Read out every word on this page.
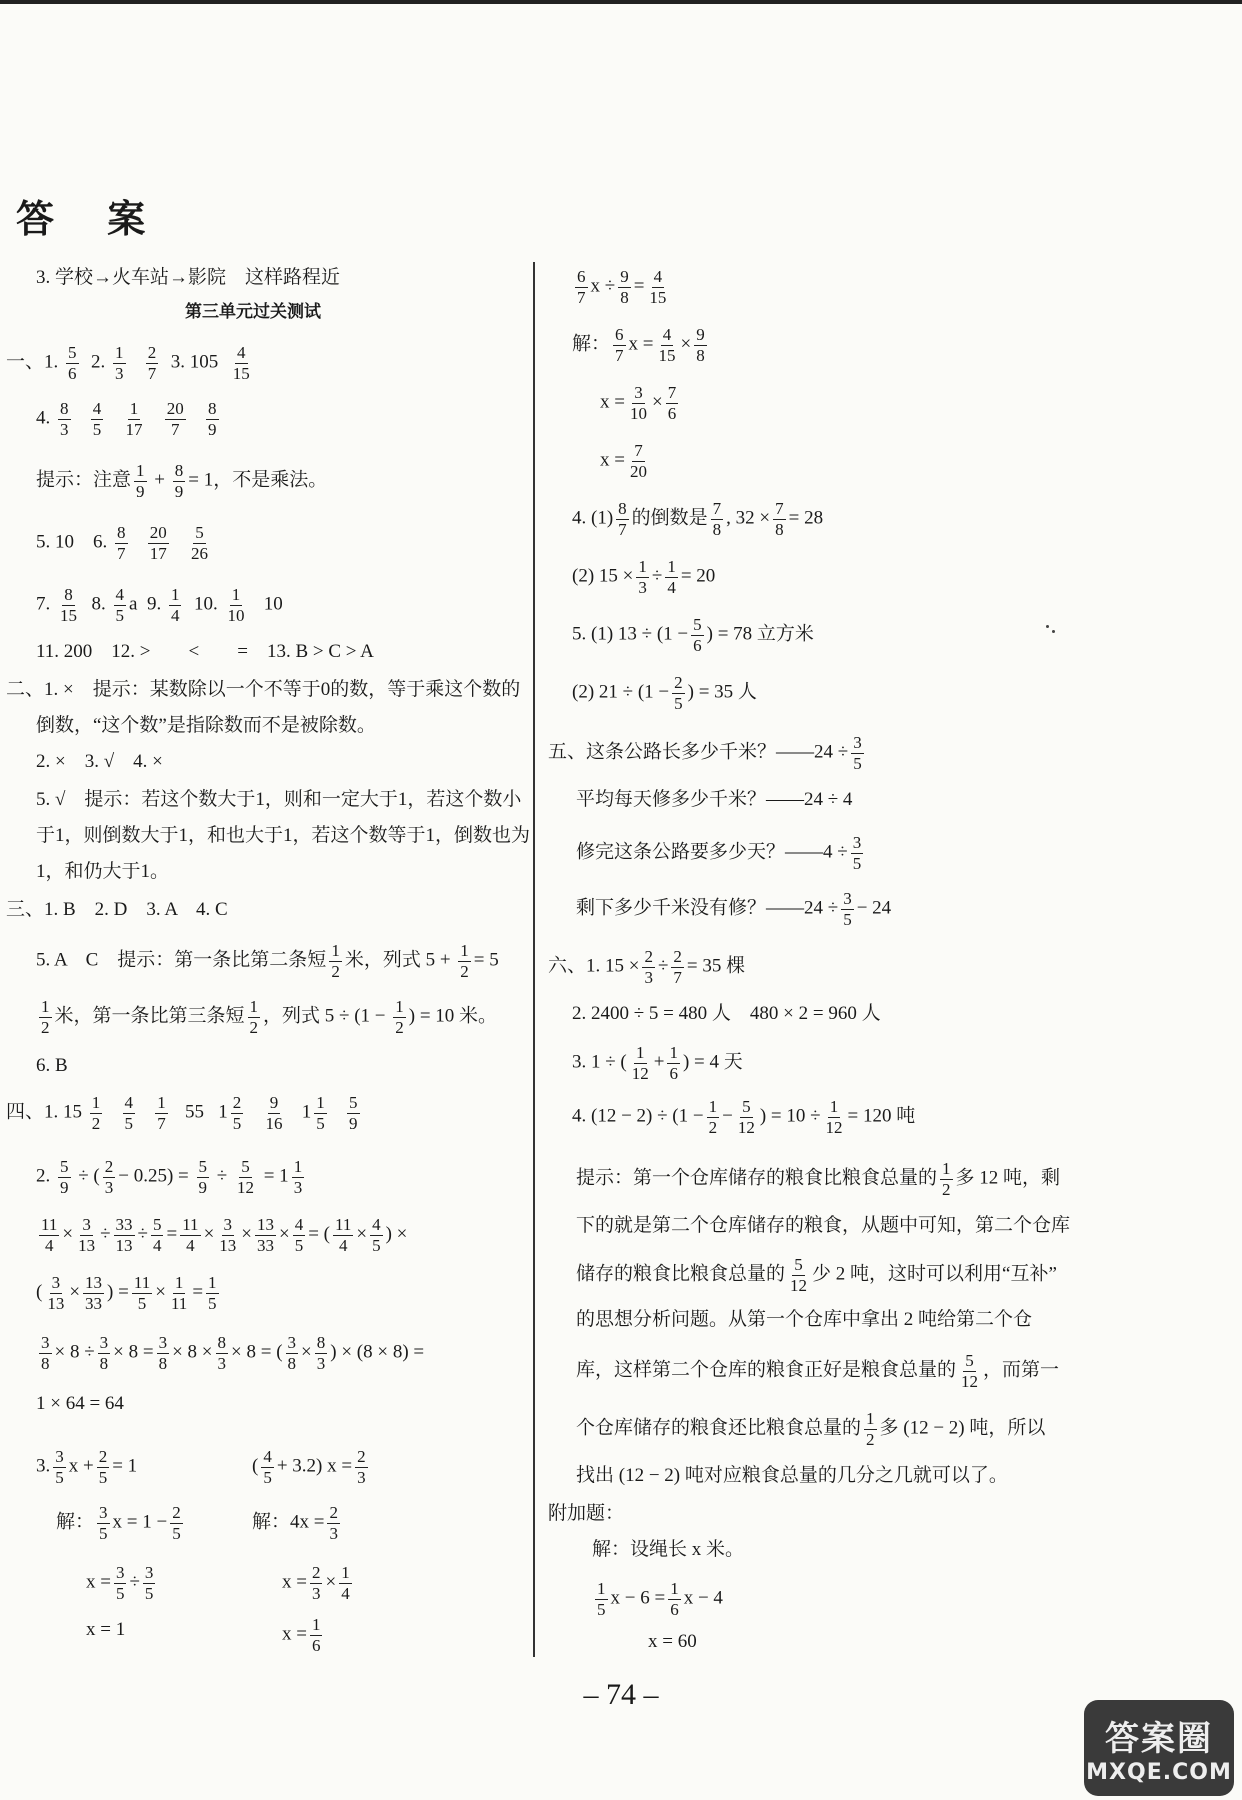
答 案
3. 学校→火车站→影院　这样路程近
第三单元过关测试
一、1. $\frac{5}{6} 2$. $\frac{1}{3}$
$\frac{2}{7} 3$. $105 \frac{4}{15}$
4. $\frac{8}{3}$
$\frac{4}{5}$
$\frac{1}{17}$
$\frac{20}{7}$
$\frac{8}{9}$
提示：注意 $\frac{1}{9} + \frac{8}{9} = 1$，不是乘法。
5. 10　6. $\frac{8}{7}$
$\frac{20}{17}$
$\frac{5}{26}$
7. $\frac{8}{15} 8$. $\frac{4}{5}$ a 9. $\frac{1}{4} 10$. $\frac{1}{10} 10$
11. 200　12. >　　<　　=　13. B > C > A
二、1. ×　提示：某数除以一个不等于0的数，等于乘这个数的
倒数，“这个数”是指除数而不是被除数。
2. ×　3. √　4. ×
5. √　提示：若这个数大于1，则和一定大于1，若这个数小
于1，则倒数大于1，和也大于1，若这个数等于1，倒数也为
1，和仍大于1。
三、1. B　2. D　3. A　4. C
5. A　C　提示：第一条比第二条短 $\frac{1}{2}$ 米，列式 $5 + \frac{1}{2} = 5$
$\frac{1}{2}$ 米，第一条比第三条短 $\frac{1}{2}$ ，列式 $5 \div (1 - \frac{1}{2}$ ) = 10 米。
6. B
四、1. $15 \frac{1}{2}$
$\frac{4}{5}$
$\frac{1}{7} 55$ $1 \frac{2}{5}$
$\frac{9}{16} 1 \frac{1}{5}$
$\frac{5}{9}$
2. $\frac{5}{9}$ ÷ ( $\frac{2}{3} - 0.25) = \frac{5}{9} \div \frac{5}{12} = 1 \frac{1}{3}$
$\frac{11}{4} \times \frac{3}{13} \div \frac{33}{13} \div \frac{5}{4} = \frac{11}{4} \times \frac{3}{13} \times \frac{13}{33} \times \frac{4}{5}$ = ( $\frac{11}{4} \times \frac{4}{5}$ ) ×
( $\frac{3}{13} \times \frac{13}{33}$ ) = $\frac{11}{5} \times \frac{1}{11} = \frac{1}{5}$
$\frac{3}{8} \times 8 \div \frac{3}{8} \times 8 = \frac{3}{8} \times 8 \times \frac{8}{3} \times 8$ = ( $\frac{3}{8} \times \frac{8}{3}$ ) × (8 × 8) =
1 × 64 = 64
3. $\frac{3}{5}$ $x + \frac{2}{5} = 1$
解： $\frac{3}{5}$ $x = 1 - \frac{2}{5}$
$x = \frac{3}{5} \div \frac{3}{5}$
x = 1
( $\frac{4}{5} + 3.2$) $x = \frac{2}{3}$
解：$4x = \frac{2}{3}$
$x = \frac{2}{3} \times \frac{1}{4}$
$x = \frac{1}{6}$
$\frac{6}{7}$ $x \div \frac{9}{8} = \frac{4}{15}$
解： $\frac{6}{7}$ $x = \frac{4}{15} \times \frac{9}{8}$
$x = \frac{3}{10} \times \frac{7}{6}$
$x = \frac{7}{20}$
4. $(1) \frac{8}{7}$ 的倒数是 $\frac{7}{8}$ , $32 \times \frac{7}{8} = 28$
(2) $15 \times \frac{1}{3} \div \frac{1}{4} = 20$
5. (1) $13 \div (1 - \frac{5}{6}$ ) = 78 立方米
(2) $21 \div (1 - \frac{2}{5}$ ) = 35 人
五、这条公路长多少千米？——24 ÷ $\frac{3}{5}$
平均每天修多少千米？——24 ÷ 4
修完这条公路要多少天？——4 ÷ $\frac{3}{5}$
剩下多少千米没有修？——24 ÷ $\frac{3}{5} - 24$
六、1. $15 \times \frac{2}{3} \div \frac{2}{7} = 35$ 棵
2. 2400 ÷ 5 = 480 人　480 × 2 = 960 人
3. 1 ÷ ( $\frac{1}{12} + \frac{1}{6}$ ) = 4 天
4. $(12 - 2) \div (1 - \frac{1}{2} - \frac{5}{12}$ ) = $10 \div \frac{1}{12} = 120$ 吨
提示：第一个仓库储存的粮食比粮食总量的 $\frac{1}{2}$ 多 12 吨，剩
下的就是第二个仓库储存的粮食，从题中可知，第二个仓库
储存的粮食比粮食总量的 $\frac{5}{12}$ 少 2 吨，这时可以利用“互补”
的思想分析问题。从第一个仓库中拿出 2 吨给第二个仓
库，这样第二个仓库的粮食正好是粮食总量的 $\frac{5}{12}$ ，而第一
个仓库储存的粮食还比粮食总量的 $\frac{1}{2}$ 多 (12 − 2) 吨，所以
找出 (12 − 2) 吨对应粮食总量的几分之几就可以了。
附加题：
解：设绳长 x 米。
$\frac{1}{5}$ $x - 6 = \frac{1}{6}$ x − 4
x = 60
– 74 –
答案圈
MXQE.COM
